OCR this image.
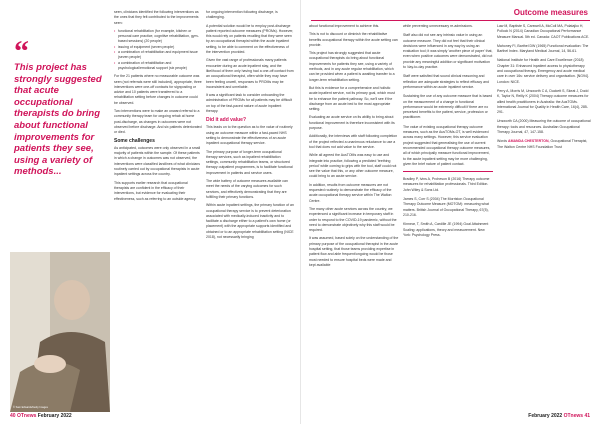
“
This project has strongly suggested that acute occupational therapists do bring about functional improvements for patients they see, using a variety of methods...
© Sam Edwards/Getty Images

seen, clinicians identified the following interventions as the ones that they felt contributed to the improvements seen:

• functional rehabilitation (for example, kitchen or personal care practice, cognitive rehabilitation, gym-based sessions) (20 people)
• issuing of equipment (seven people)
• a combination of rehabilitation and equipment issue (seven people)
• a combination of rehabilitation and psychological/emotional support (six people)

For the 21 patients where no measurable outcome was seen (not referrals were still included), appropriate, three interventions were one-off contacts for signposting or advice and 10 patients were transferred to a rehabilitation setting before changes in outcome could be observed.

Two interventions were to make an onward referral to a community therapy team for ongoing rehab at home post-discharge, as changes in outcomes were not observed before discharge. And six patients deteriorated or died.

Some challenges

As anticipated, outcomes were only observed in a small majority of patients within the sample. Of these patients in which a change in outcomes was not observed, the interventions were classified landlines of what clinicians routinely carried out by occupational therapists in acute inpatient settings across the country.

This supports earlier research that occupational therapists are confident in the efficacy of their interventions, but evidence for evaluating their effectiveness, such as referring to an outside agency

for ongoing intervention following discharge, is challenging.

A potential solution would be to employ post-discharge patient reported outcome measures (PROMs). However, this would rely on patients recalling that they were seen by an occupational therapist within the acute inpatient setting, to be able to comment on the effectiveness of the intervention provided.

Given the vast range of professionals many patients encounter during an acute inpatient stay, and the likelihood of them only having had a one-off contact from an occupational therapist, often while they may have been feeling unwell, responses to PROMs may be inconsistent and unreliable.

It was a significant task to consider onboarding the administration of PROMs for all patients may be difficult on top of the fast-paced nature of acute inpatient therapy.

Did it add value?

This leads on to the question as to the value of routinely using an outcome measure within a fast-paced NHS setting to demonstrate the effectiveness of an acute inpatient occupational therapy service.

The primary purpose of longer-term occupational therapy services, such as inpatient rehabilitation settings, community rehabilitation teams, or structured therapy outpatient programmes, is to facilitate functional improvement in patients and service users.

The wide battery of outcome measures available can meet the needs of the varying outcomes for such services, and effectively demonstrating that they are fulfilling their primary functions.

Within acute inpatient settings, the primary function of an occupational therapy service is to prevent deterioration associated with medically-induced inactivity and to facilitate a discharge either to a patient's own home (or placement) with the appropriate supports identified and obtained or to an appropriate rehabilitation setting (NICE 2018), not necessarily bringing

40 OTnews February 2022
Outcome measures

about functional improvement to achieve this.

This is not to discount or diminish the rehabilitative benefits occupational therapy within the acute setting can provide.

This project has strongly suggested that acute occupational therapists do bring about functional improvements for patients they see, using a variety of methods, and in any acute regular rehabilitation, which can be provided when a patient is awaiting transfer to a longer-term rehabilitation setting.

But this is evidence for a comprehensive and holistic acute inpatient service, not its primary goal, which must be to enhance the patient pathway. So, we'll see if the discharge from an acute bed to the most appropriate setting.

Evaluating an acute service on its ability to bring about functional improvement is therefore inconsistent with its purpose.

Additionally, the interviews with staff following completion of the project reflected a unanimous reluctance to use a tool that does not add value to the service.

While all agreed the AusTOMs was easy to use and integrate into practice, following a predicted 'teething period' while coming to grips with the tool, staff could not see the value that this, or any other outcome measure, could bring to an acute service.

In addition, results from outcome measures are not requested routinely to demonstrate the efficacy of the acute occupational therapy service within The Walton Centre.

The many other acute services across the country, we experienced a significant increase in temporary staff in order to respond to the COVID-19 pandemic, without the need to demonstrate objectively why this staff would be required.

It was assumed, based solely on the understanding of the primary purpose of the occupational therapist in the acute hospital setting, that those teams providing expertise in patient flow and able frequent/ongoing would be those most needed to ensure hospital beds were made and kept available

while preventing unnecessary re-admissions.

Staff also did not see any intrinsic value in using an outcome measure. They did not feel that their clinical decisions were influenced in any way by using an evaluation tool; it was simply 'another piece of paper' that, even when positive outcomes were demonstrated, did not provide any meaningful addition or significant motivation to 'day-to-day practice.

Staff were satisfied that sound clinical reasoning and reflection are adequate strategies to reflect efficacy and performance within an acute inpatient service.

Sustaining the use of any outcome measure that is based on the measurement of a change in functional performance would be extremely difficult if there are no perceived benefits to the patient, service, profession or practitioner.

The value of existing occupational therapy outcome measures, such as the AusTOMs-OT, is well evidenced across many settings. However, this service evaluation project suggested that generalising the use of current recommended occupational therapy outcome measures, all of which principally measure functional improvement, to the acute inpatient setting may be more challenging, given the brief nature of patient contact.

Bradley P, Ivins A, Proheson B (2016) Therapy outcome measures for rehabilitation professionals. Third Edition. John Wiley & Sons Ltd.

James S, Corr S (2004) The Morriston Occupational Therapy Outcome Measure (MOTOM): measuring what matters. British Journal of Occupational Therapy, 67(5), 210-216.

Kinnear, T, Smith A, Cardille JE (1994) Goal Attainment Scaling: applications, theory and measurement. New York: Psychology Press.

Law M, Baptiste S, Carswell A, McColl MA, Polatajko H, Pollock N (2014) Canadian Occupational Performance Measure Manual. 5th ed. Canada: CAOT Publications ACE.

Mahoney FI, Barthel DW (1965) Functional evaluation: The Barthel Index. Maryland Medical Journal, 14, 56-61.

National Institute for Health and Care Excellence (2018) Chapter 31: Enhanced inpatient access to physiotherapy and occupational therapy. Emergency and acute medical care in over 16s: service delivery and organisation. [NG94]. London: NICE.

Perry A, Morris M, Unsworth C A, Duckett S, Skeat J, Dodd K, Taylor N, Reilly K (2004) Therapy outcome measures for allied health practitioners in Australia: the AusTOMs. International Journal for Quality in Health Care, 16(4), 285-291.

Unsworth CA (2000) Measuring the outcome of occupational therapy: tools and resources. Australian Occupational Therapy Journal, 47, 147-158.

Words AMANDA CHESTERTON, Occupational Therapist, The Walton Centre NHS Foundation Trust

February 2022 OTnews 41
